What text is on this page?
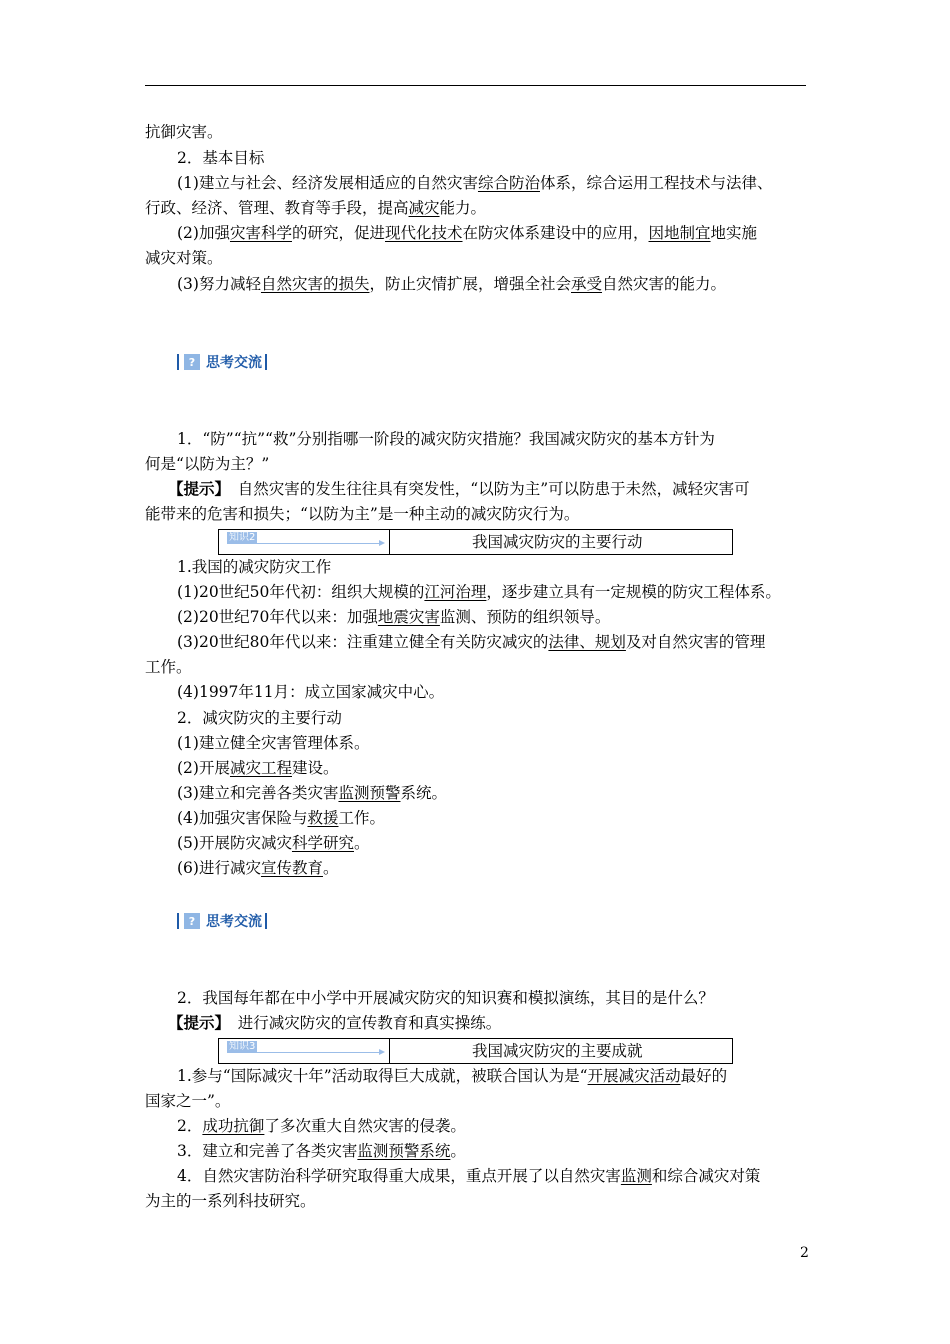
抗御灾害。
2．基本目标
(1)建立与社会、经济发展相适应的自然灾害综合防治体系，综合运用工程技术与法律、
行政、经济、管理、教育等手段，提高减灾能力。
(2)加强灾害科学的研究，促进现代化技术在防灾体系建设中的应用，因地制宜地实施
减灾对策。
(3)努力减轻自然灾害的损失，防止灾情扩展，增强全社会承受自然灾害的能力。
? 思考交流
1．“防”“抗”“救”分别指哪一阶段的减灾防灾措施？我国减灾防灾的基本方针为
何是“以防为主？”
【提示】　自然灾害的发生往往具有突发性，“以防为主”可以防患于未然，减轻灾害可
能带来的危害和损失；“以防为主”是一种主动的减灾防灾行为。
知识2	我国减灾防灾的主要行动
1.我国的减灾防灾工作
(1)20世纪50年代初：组织大规模的江河治理，逐步建立具有一定规模的防灾工程体系。
(2)20世纪70年代以来：加强地震灾害监测、预防的组织领导。
(3)20世纪80年代以来：注重建立健全有关防灾减灾的法律、规划及对自然灾害的管理
工作。
(4)1997年11月：成立国家减灾中心。
2．减灾防灾的主要行动
(1)建立健全灾害管理体系。
(2)开展减灾工程建设。
(3)建立和完善各类灾害监测预警系统。
(4)加强灾害保险与救援工作。
(5)开展防灾减灾科学研究。
(6)进行减灾宣传教育。
? 思考交流
2．我国每年都在中小学中开展减灾防灾的知识赛和模拟演练，其目的是什么？
【提示】　进行减灾防灾的宣传教育和真实操练。
知识3	我国减灾防灾的主要成就
1.参与“国际减灾十年”活动取得巨大成就，被联合国认为是“开展减灾活动最好的
国家之一”。
2．成功抗御了多次重大自然灾害的侵袭。
3．建立和完善了各类灾害监测预警系统。
4．自然灾害防治科学研究取得重大成果，重点开展了以自然灾害监测和综合减灾对策
为主的一系列科技研究。
2
